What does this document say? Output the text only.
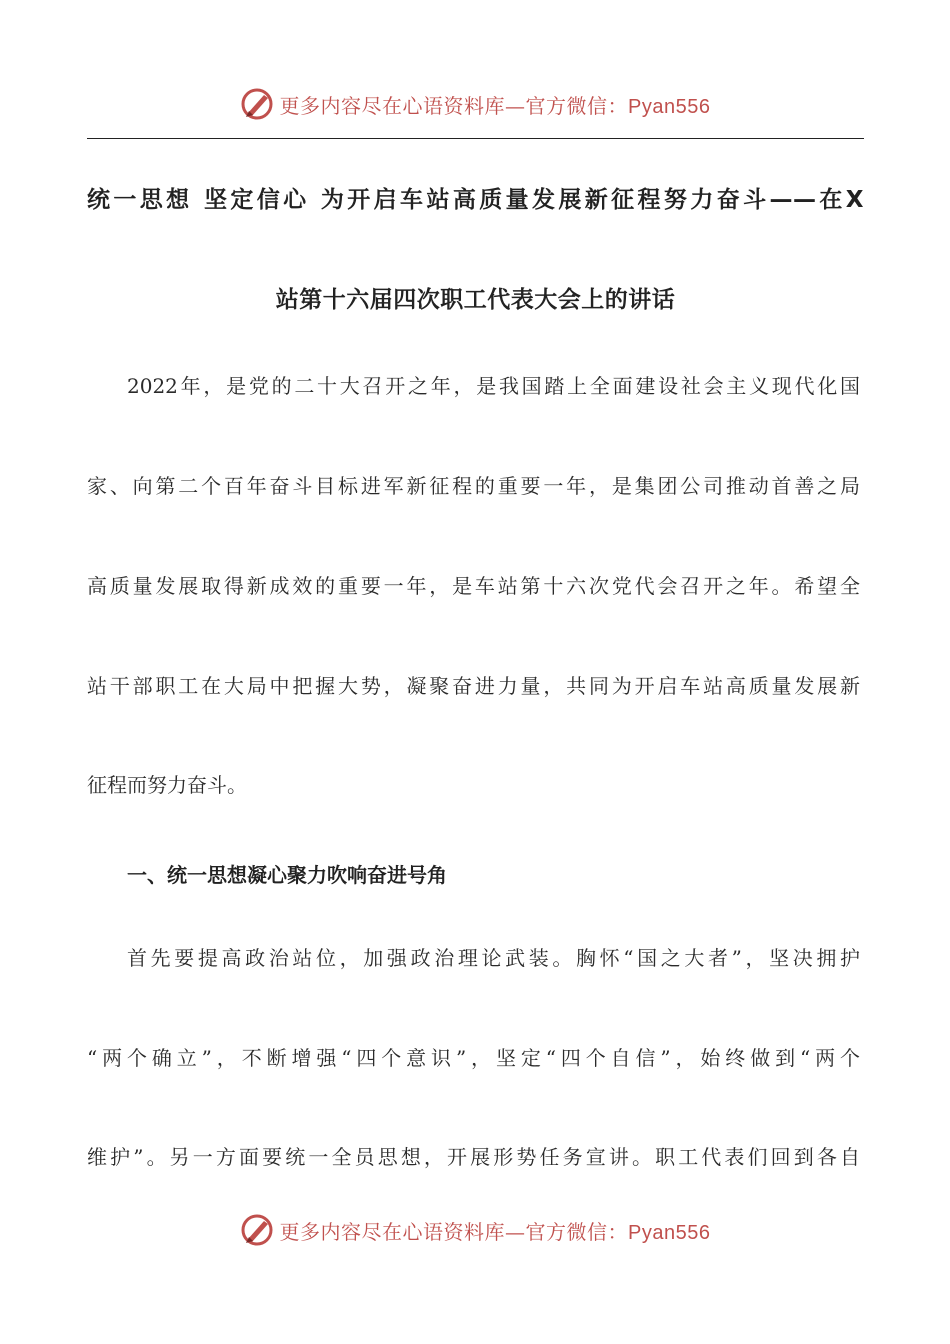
更多内容尽在心语资料库—官方微信：Pyan556
统一思想 坚定信心 为开启车站高质量发展新征程努力奋斗——在X
站第十六届四次职工代表大会上的讲话
2022年，是党的二十大召开之年，是我国踏上全面建设社会主义现代化国
家、向第二个百年奋斗目标进军新征程的重要一年，是集团公司推动首善之局
高质量发展取得新成效的重要一年，是车站第十六次党代会召开之年。希望全
站干部职工在大局中把握大势，凝聚奋进力量，共同为开启车站高质量发展新
征程而努力奋斗。
一、统一思想凝心聚力吹响奋进号角
首先要提高政治站位，加强政治理论武装。胸怀“国之大者”，坚决拥护
“两个确立”，不断增强“四个意识”，坚定“四个自信”，始终做到“两个
维护”。另一方面要统一全员思想，开展形势任务宣讲。职工代表们回到各自
更多内容尽在心语资料库—官方微信：Pyan556
